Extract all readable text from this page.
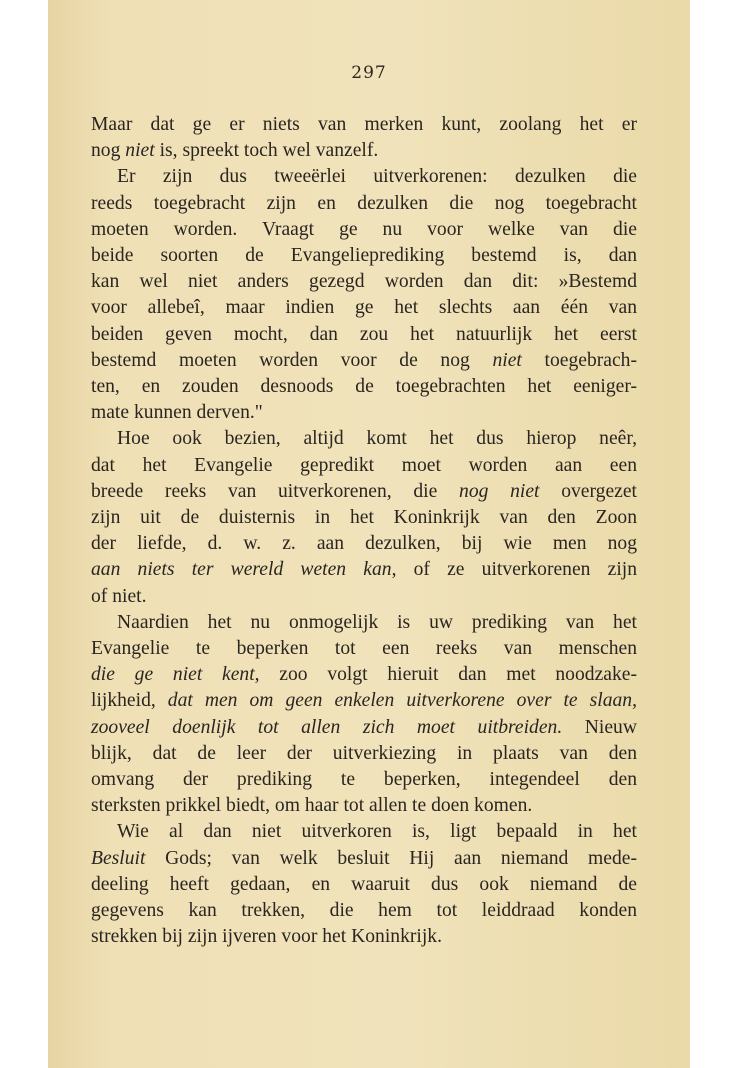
297
Maar dat ge er niets van merken kunt, zoolang het er
nog niet is, spreekt toch wel vanzelf.
Er zijn dus tweeërlei uitverkorenen: dezulken die
reeds toegebracht zijn en dezulken die nog toegebracht
moeten worden. Vraagt ge nu voor welke van die
beide soorten de Evangelieprediking bestemd is, dan
kan wel niet anders gezegd worden dan dit: »Bestemd
voor allebeî, maar indien ge het slechts aan één van
beiden geven mocht, dan zou het natuurlijk het eerst
bestemd moeten worden voor de nog niet toegebrach-
ten, en zouden desnoods de toegebrachten het eeniger-
mate kunnen derven."
Hoe ook bezien, altijd komt het dus hierop neêr,
dat het Evangelie gepredikt moet worden aan een
breede reeks van uitverkorenen, die nog niet overgezet
zijn uit de duisternis in het Koninkrijk van den Zoon
der liefde, d. w. z. aan dezulken, bij wie men nog
aan niets ter wereld weten kan, of ze uitverkorenen zijn
of niet.
Naardien het nu onmogelijk is uw prediking van het
Evangelie te beperken tot een reeks van menschen
die ge niet kent, zoo volgt hieruit dan met noodzake-
lijkheid, dat men om geen enkelen uitverkorene over te slaan,
zooveel doenlijk tot allen zich moet uitbreiden. Nieuw
blijk, dat de leer der uitverkiezing in plaats van den
omvang der prediking te beperken, integendeel den
sterksten prikkel biedt, om haar tot allen te doen komen.
Wie al dan niet uitverkoren is, ligt bepaald in het
Besluit Gods; van welk besluit Hij aan niemand mede-
deeling heeft gedaan, en waaruit dus ook niemand de
gegevens kan trekken, die hem tot leiddraad konden
strekken bij zijn ijveren voor het Koninkrijk.
